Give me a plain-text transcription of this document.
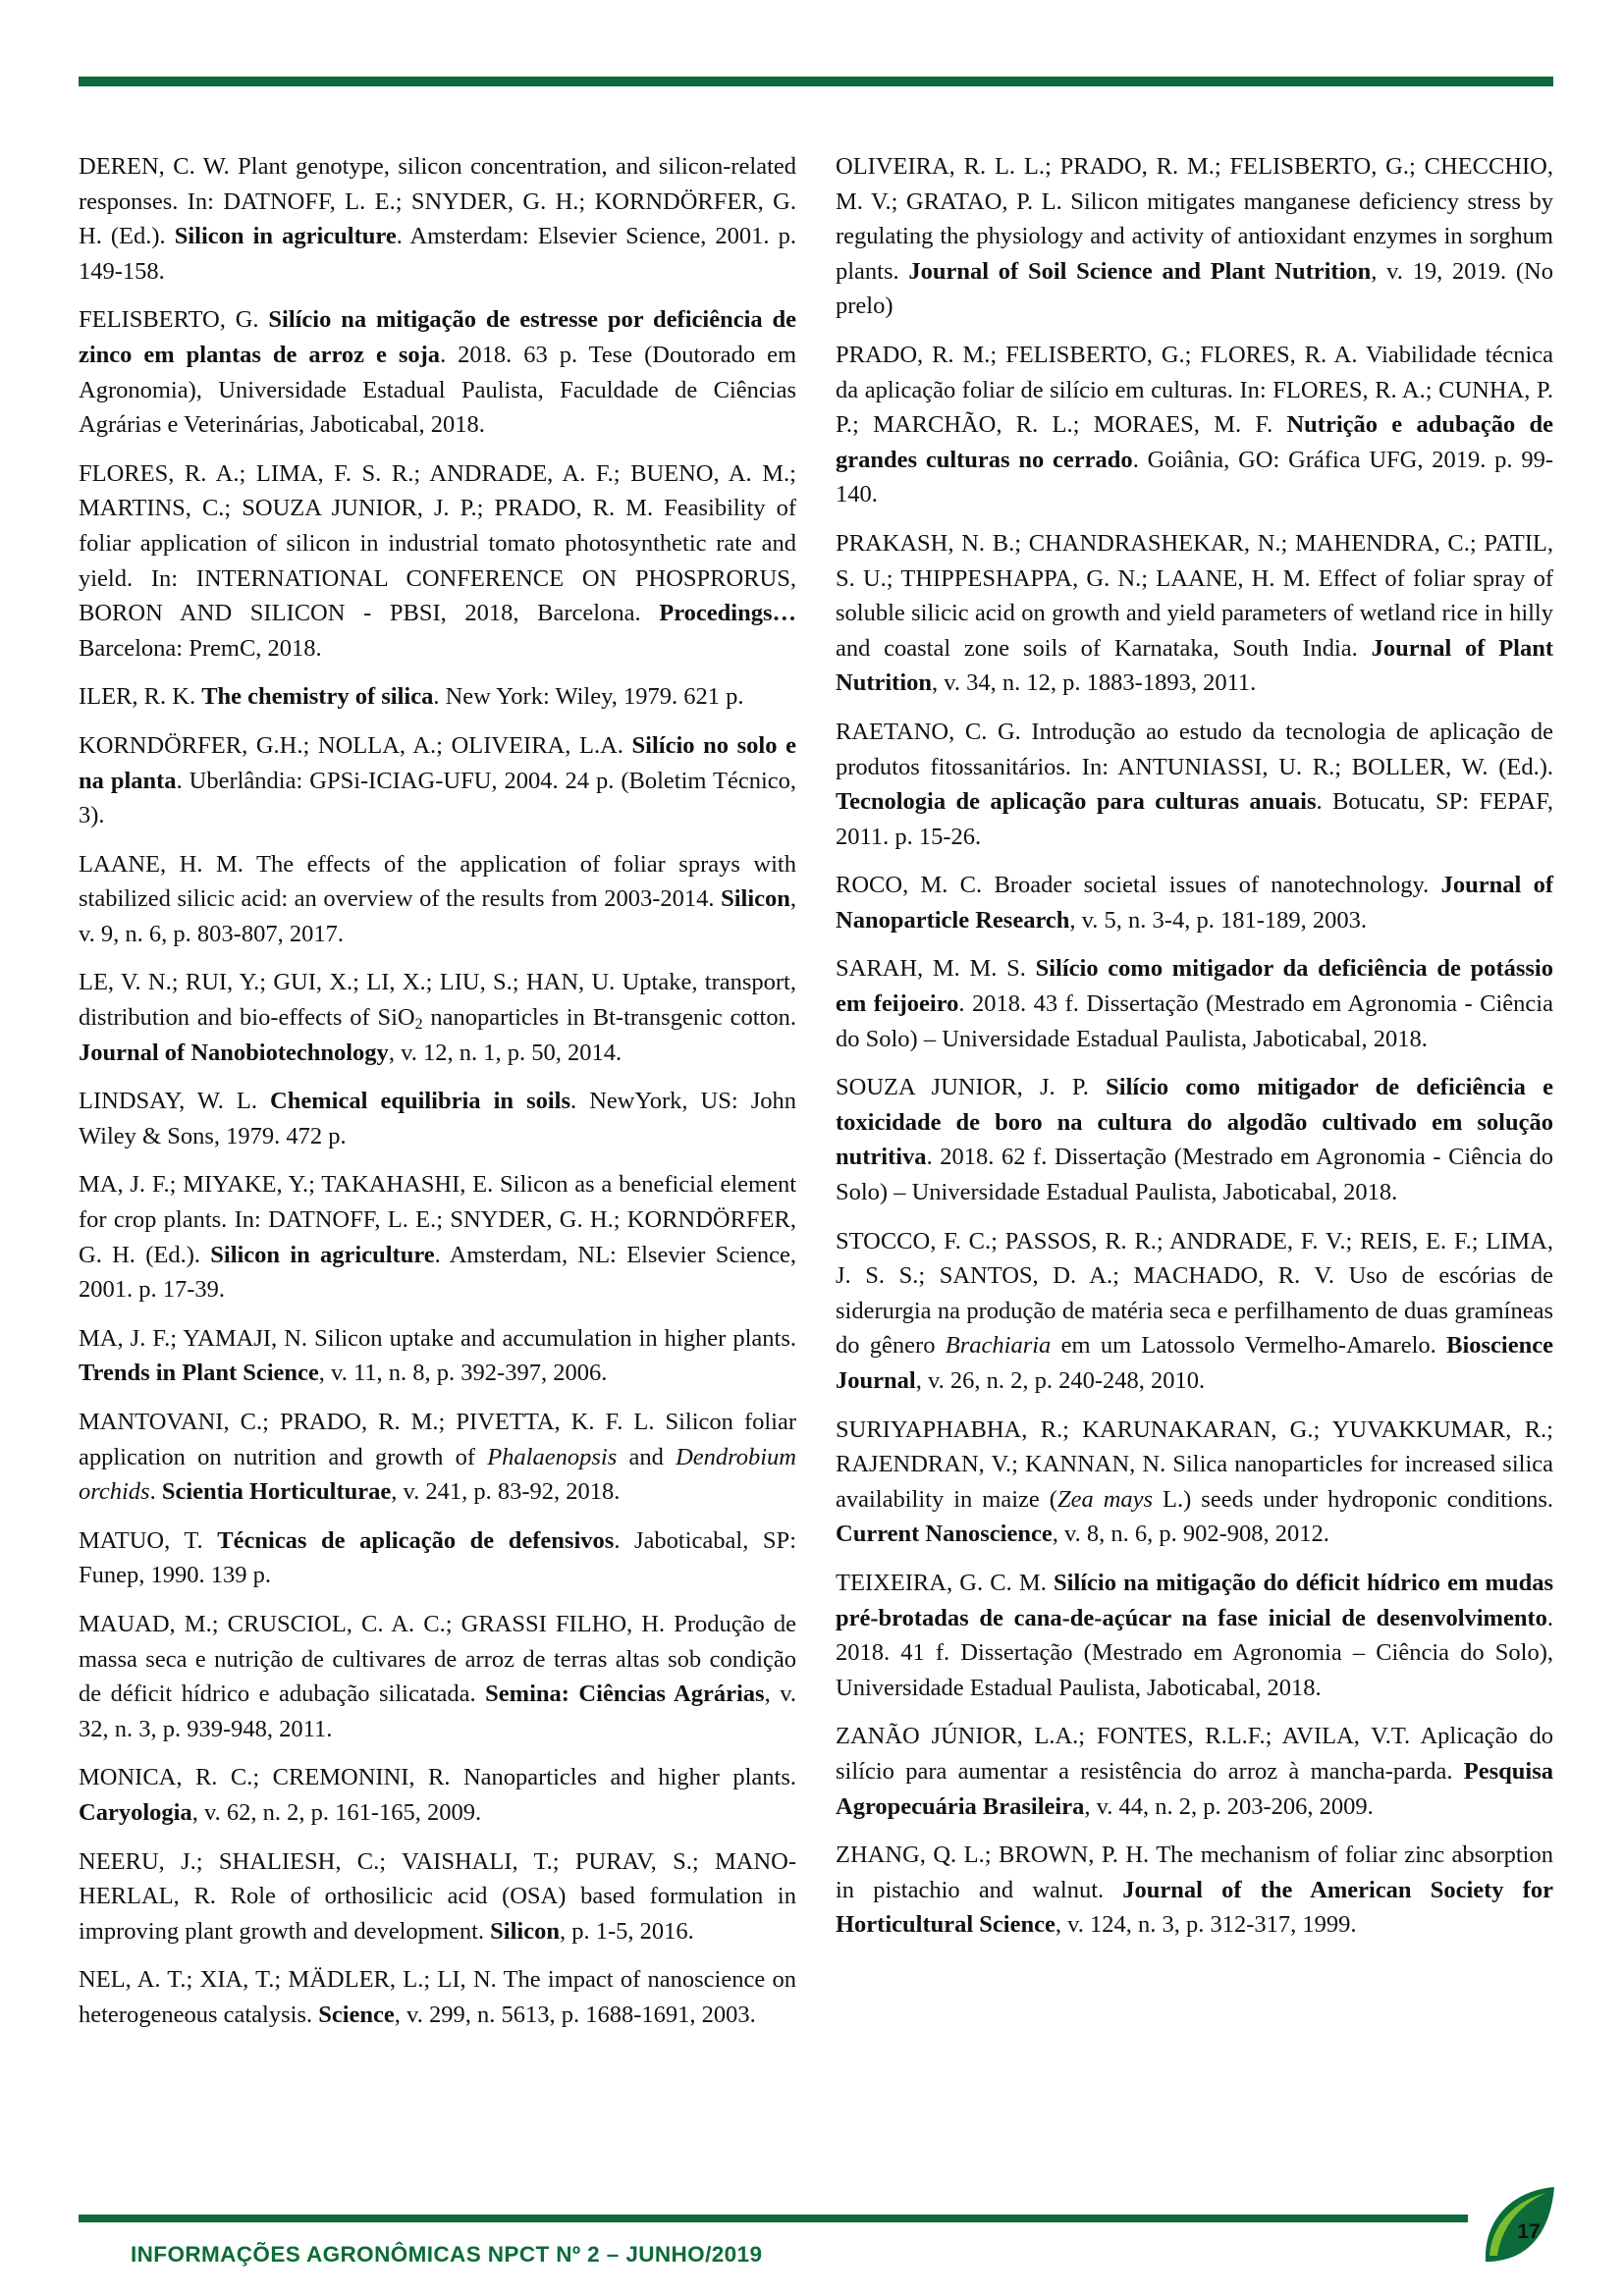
DEREN, C. W. Plant genotype, silicon concentration, and silicon-related responses. In: DATNOFF, L. E.; SNYDER, G. H.; KORNDÖRFER, G. H. (Ed.). Silicon in agriculture. Amsterdam: Elsevier Science, 2001. p. 149-158.

FELISBERTO, G. Silício na mitigação de estresse por deficiência de zinco em plantas de arroz e soja. 2018. 63 p. Tese (Doutorado em Agronomia), Universidade Estadual Paulista, Faculdade de Ciências Agrárias e Veterinárias, Jaboticabal, 2018.

FLORES, R. A.; LIMA, F. S. R.; ANDRADE, A. F.; BUENO, A. M.; MARTINS, C.; SOUZA JUNIOR, J. P.; PRADO, R. M. Feasibility of foliar application of silicon in industrial tomato photosynthetic rate and yield. In: INTERNATIONAL CONFERENCE ON PHOSPRORUS, BORON AND SILICON - PBSI, 2018, Barcelona. Procedings… Barcelona: PremC, 2018.

ILER, R. K. The chemistry of silica. New York: Wiley, 1979. 621 p.

KORNDÖRFER, G.H.; NOLLA, A.; OLIVEIRA, L.A. Silício no solo e na planta. Uberlândia: GPSi-ICIAG-UFU, 2004. 24 p. (Boletim Técnico, 3).

LAANE, H. M. The effects of the application of foliar sprays with stabilized silicic acid: an overview of the results from 2003-2014. Silicon, v. 9, n. 6, p. 803-807, 2017.

LE, V. N.; RUI, Y.; GUI, X.; LI, X.; LIU, S.; HAN, U. Uptake, transport, distribution and bio-effects of SiO$_2$ nanoparticles in Bt-transgenic cotton. Journal of Nanobiotechnology, v. 12, n. 1, p. 50, 2014.

LINDSAY, W. L. Chemical equilibria in soils. NewYork, US: John Wiley & Sons, 1979. 472 p.

MA, J. F.; MIYAKE, Y.; TAKAHASHI, E. Silicon as a beneficial element for crop plants. In: DATNOFF, L. E.; SNYDER, G. H.; KORNDÖRFER, G. H. (Ed.). Silicon in agriculture. Amsterdam, NL: Elsevier Science, 2001. p. 17-39.

MA, J. F.; YAMAJI, N. Silicon uptake and accumulation in higher plants. Trends in Plant Science, v. 11, n. 8, p. 392-397, 2006.

MANTOVANI, C.; PRADO, R. M.; PIVETTA, K. F. L. Silicon foliar application on nutrition and growth of Phalaenopsis and Dendrobium orchids. Scientia Horticulturae, v. 241, p. 83-92, 2018.

MATUO, T. Técnicas de aplicação de defensivos. Jaboticabal, SP: Funep, 1990. 139 p.

MAUAD, M.; CRUSCIOL, C. A. C.; GRASSI FILHO, H. Produção de massa seca e nutrição de cultivares de arroz de terras altas sob condição de déficit hídrico e adubação silicatada. Semina: Ciências Agrárias, v. 32, n. 3, p. 939-948, 2011.

MONICA, R. C.; CREMONINI, R. Nanoparticles and higher plants. Caryologia, v. 62, n. 2, p. 161-165, 2009.

NEERU, J.; SHALIESH, C.; VAISHALI, T.; PURAV, S.; MANOHERLAL, R. Role of orthosilicic acid (OSA) based formulation in improving plant growth and development. Silicon, p. 1-5, 2016.

NEL, A. T.; XIA, T.; MÄDLER, L.; LI, N. The impact of nanoscience on heterogeneous catalysis. Science, v. 299, n. 5613, p. 1688-1691, 2003.

OLIVEIRA, R. L. L.; PRADO, R. M.; FELISBERTO, G.; CHECCHIO, M. V.; GRATAO, P. L. Silicon mitigates manganese deficiency stress by regulating the physiology and activity of antioxidant enzymes in sorghum plants. Journal of Soil Science and Plant Nutrition, v. 19, 2019. (No prelo)

PRADO, R. M.; FELISBERTO, G.; FLORES, R. A. Viabilidade técnica da aplicação foliar de silício em culturas. In: FLORES, R. A.; CUNHA, P. P.; MARCHÃO, R. L.; MORAES, M. F. Nutrição e adubação de grandes culturas no cerrado. Goiânia, GO: Gráfica UFG, 2019. p. 99-140.

PRAKASH, N. B.; CHANDRASHEKAR, N.; MAHENDRA, C.; PATIL, S. U.; THIPPESHAPPA, G. N.; LAANE, H. M. Effect of foliar spray of soluble silicic acid on growth and yield parameters of wetland rice in hilly and coastal zone soils of Karnataka, South India. Journal of Plant Nutrition, v. 34, n. 12, p. 1883-1893, 2011.

RAETANO, C. G. Introdução ao estudo da tecnologia de aplicação de produtos fitossanitários. In: ANTUNIASSI, U. R.; BOLLER, W. (Ed.). Tecnologia de aplicação para culturas anuais. Botucatu, SP: FEPAF, 2011. p. 15-26.

ROCO, M. C. Broader societal issues of nanotechnology. Journal of Nanoparticle Research, v. 5, n. 3-4, p. 181-189, 2003.

SARAH, M. M. S. Silício como mitigador da deficiência de potássio em feijoeiro. 2018. 43 f. Dissertação (Mestrado em Agronomia - Ciência do Solo) – Universidade Estadual Paulista, Jaboticabal, 2018.

SOUZA JUNIOR, J. P. Silício como mitigador de deficiência e toxicidade de boro na cultura do algodão cultivado em solução nutritiva. 2018. 62 f. Dissertação (Mestrado em Agronomia - Ciência do Solo) – Universidade Estadual Paulista, Jaboticabal, 2018.

STOCCO, F. C.; PASSOS, R. R.; ANDRADE, F. V.; REIS, E. F.; LIMA, J. S. S.; SANTOS, D. A.; MACHADO, R. V. Uso de escórias de siderurgia na produção de matéria seca e perfilhamento de duas gramíneas do gênero Brachiaria em um Latossolo Vermelho-Amarelo. Bioscience Journal, v. 26, n. 2, p. 240-248, 2010.

SURIYAPHABHA, R.; KARUNAKARAN, G.; YUVAKKUMAR, R.; RAJENDRAN, V.; KANNAN, N. Silica nanoparticles for increased silica availability in maize (Zea mays L.) seeds under hydroponic conditions. Current Nanoscience, v. 8, n. 6, p. 902-908, 2012.

TEIXEIRA, G. C. M. Silício na mitigação do déficit hídrico em mudas pré-brotadas de cana-de-açúcar na fase inicial de desenvolvimento. 2018. 41 f. Dissertação (Mestrado em Agronomia – Ciência do Solo), Universidade Estadual Paulista, Jaboticabal, 2018.

ZANÃO JÚNIOR, L.A.; FONTES, R.L.F.; AVILA, V.T. Aplicação do silício para aumentar a resistência do arroz à mancha-parda. Pesquisa Agropecuária Brasileira, v. 44, n. 2, p. 203-206, 2009.

ZHANG, Q. L.; BROWN, P. H. The mechanism of foliar zinc absorption in pistachio and walnut. Journal of the American Society for Horticultural Science, v. 124, n. 3, p. 312-317, 1999.

INFORMAÇÕES AGRONÔMICAS NPCT Nº 2 – JUNHO/2019
17
